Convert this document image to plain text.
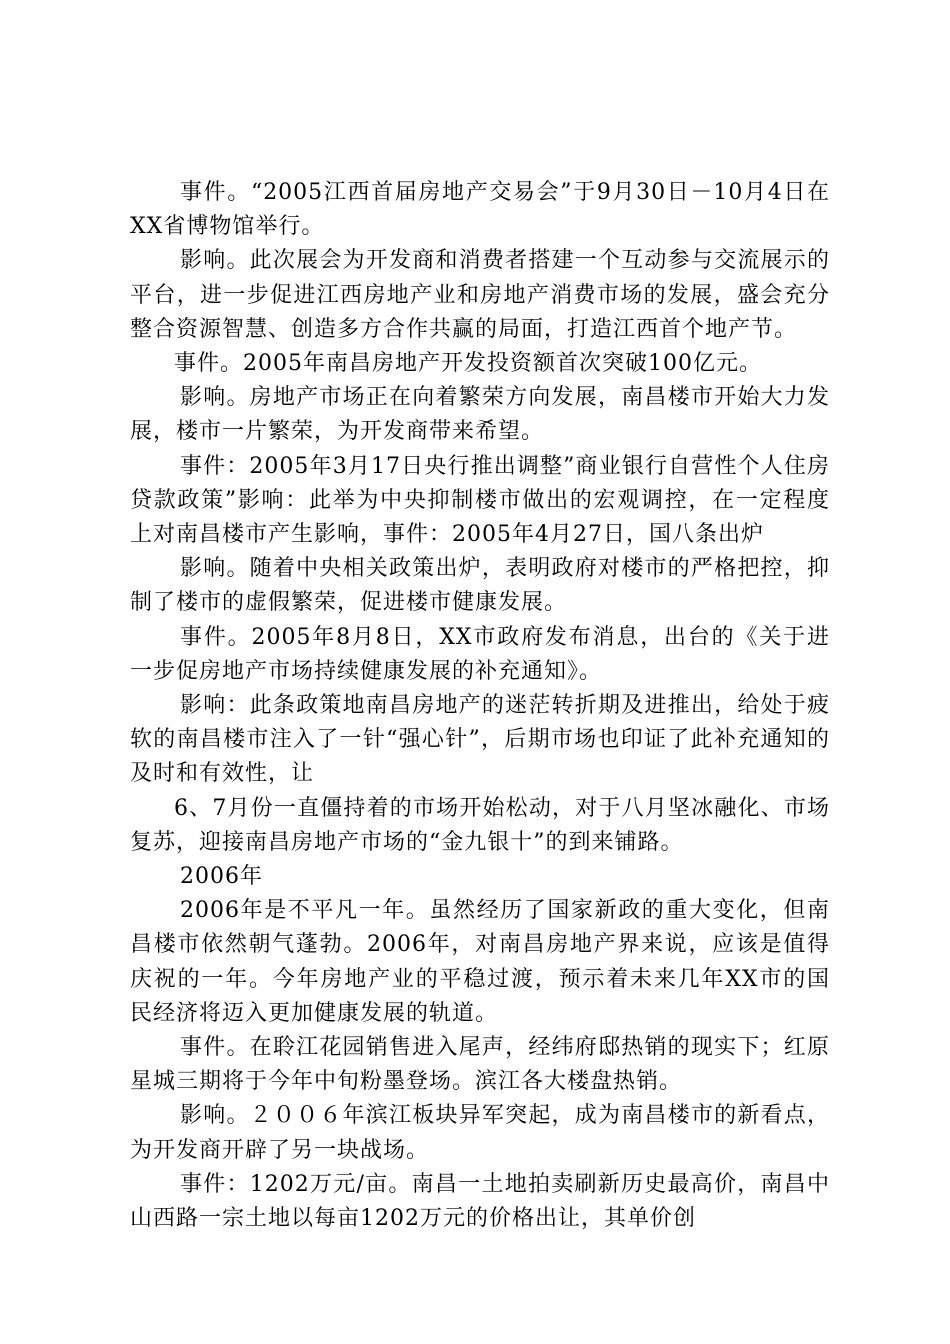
事件。“2005江西首届房地产交易会”于9月30日－10月4日在XX省博物馆举行。

影响。此次展会为开发商和消费者搭建一个互动参与交流展示的平台，进一步促进江西房地产业和房地产消费市场的发展，盛会充分整合资源智慧、创造多方合作共赢的局面，打造江西首个地产节。

事件。2005年南昌房地产开发投资额首次突破100亿元。

影响。房地产市场正在向着繁荣方向发展，南昌楼市开始大力发展，楼市一片繁荣，为开发商带来希望。

事件：2005年3月17日央行推出调整”商业银行自营性个人住房贷款政策”影响：此举为中央抑制楼市做出的宏观调控，在一定程度上对南昌楼市产生影响，事件：2005年4月27日，国八条出炉

影响。随着中央相关政策出炉，表明政府对楼市的严格把控，抑制了楼市的虚假繁荣，促进楼市健康发展。

事件。2005年8月8日，XX市政府发布消息，出台的《关于进一步促房地产市场持续健康发展的补充通知》。

影响：此条政策地南昌房地产的迷茫转折期及进推出，给处于疲软的南昌楼市注入了一针“强心针”，后期市场也印证了此补充通知的及时和有效性，让

6、7月份一直僵持着的市场开始松动，对于八月坚冰融化、市场复苏，迎接南昌房地产市场的“金九银十”的到来铺路。

2006年

2006年是不平凡一年。虽然经历了国家新政的重大变化，但南昌楼市依然朝气蓬勃。2006年，对南昌房地产界来说，应该是值得庆祝的一年。今年房地产业的平稳过渡，预示着未来几年XX市的国民经济将迈入更加健康发展的轨道。

事件。在聆江花园销售进入尾声，经纬府邸热销的现实下；红原星城三期将于今年中旬粉墨登场。滨江各大楼盘热销。

影响。２００６年滨江板块异军突起，成为南昌楼市的新看点，为开发商开辟了另一块战场。

事件：1202万元/亩。南昌一土地拍卖刷新历史最高价，南昌中山西路一宗土地以每亩1202万元的价格出让，其单价创
